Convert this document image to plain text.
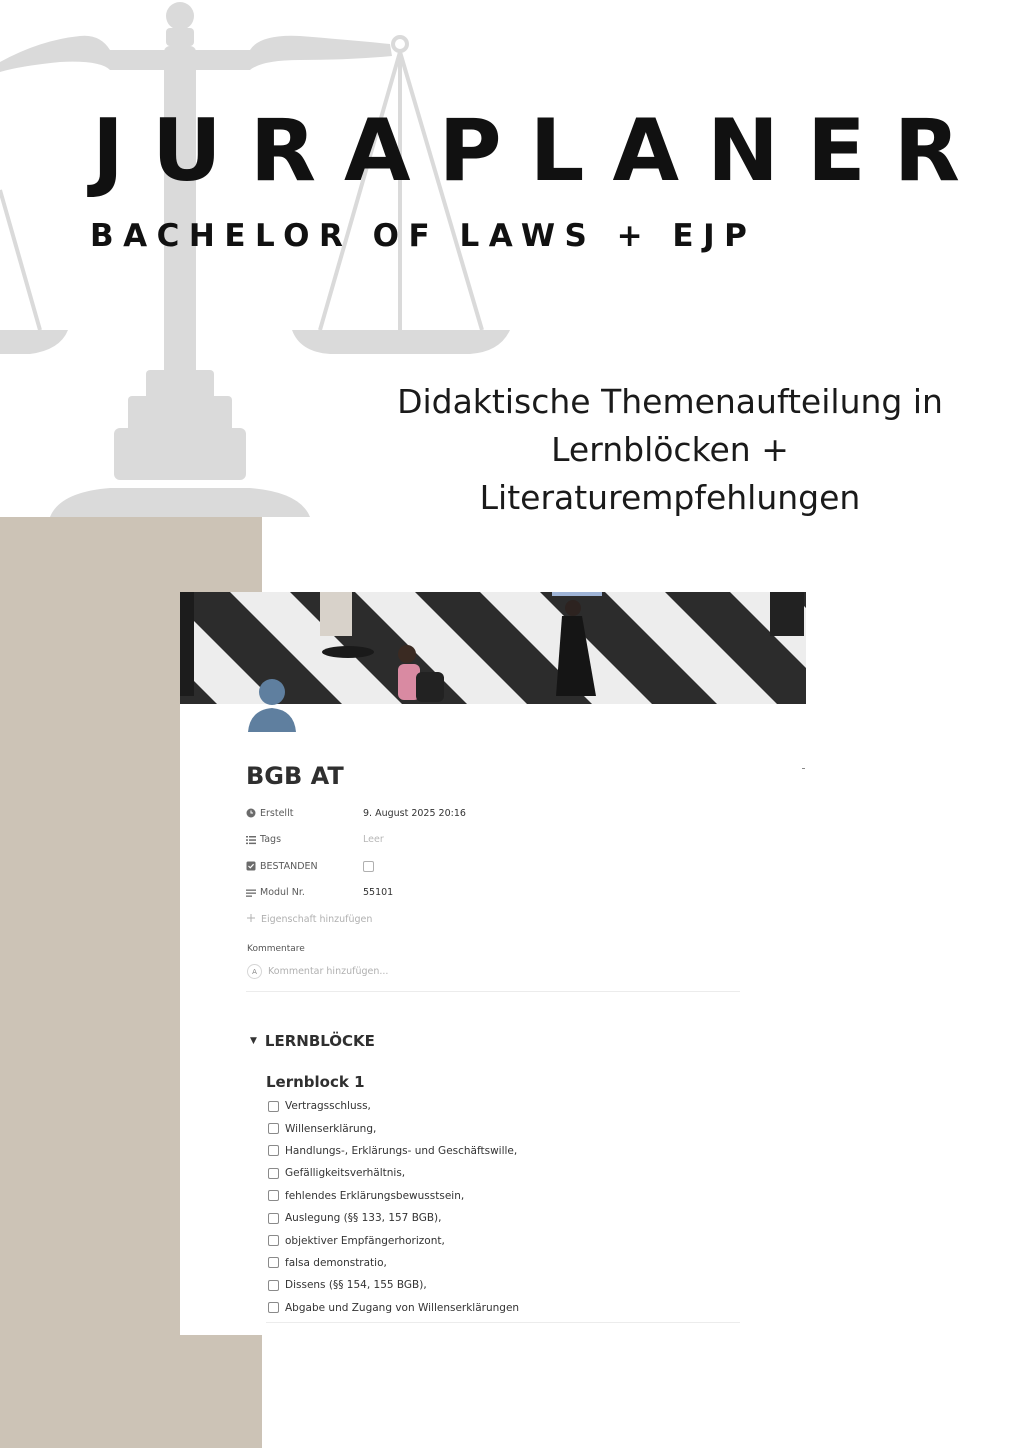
JURAPLANER
BACHELOR OF LAWS + EJP
Didaktische Themenaufteilung in
Lernblöcken +
Literaturempfehlungen
BGB AT
Erstellt	9. August 2025 20:16
Tags	Leer
BESTANDEN
Modul Nr.	55101
Eigenschaft hinzufügen
Kommentare
A	Kommentar hinzufügen...
▼ LERNBLÖCKE
Lernblock 1
Vertragsschluss,
Willenserklärung,
Handlungs-, Erklärungs- und Geschäftswille,
Gefälligkeitsverhältnis,
fehlendes Erklärungsbewusstsein,
Auslegung (§§ 133, 157 BGB),
objektiver Empfängerhorizont,
falsa demonstratio,
Dissens (§§ 154, 155 BGB),
Abgabe und Zugang von Willenserklärungen
